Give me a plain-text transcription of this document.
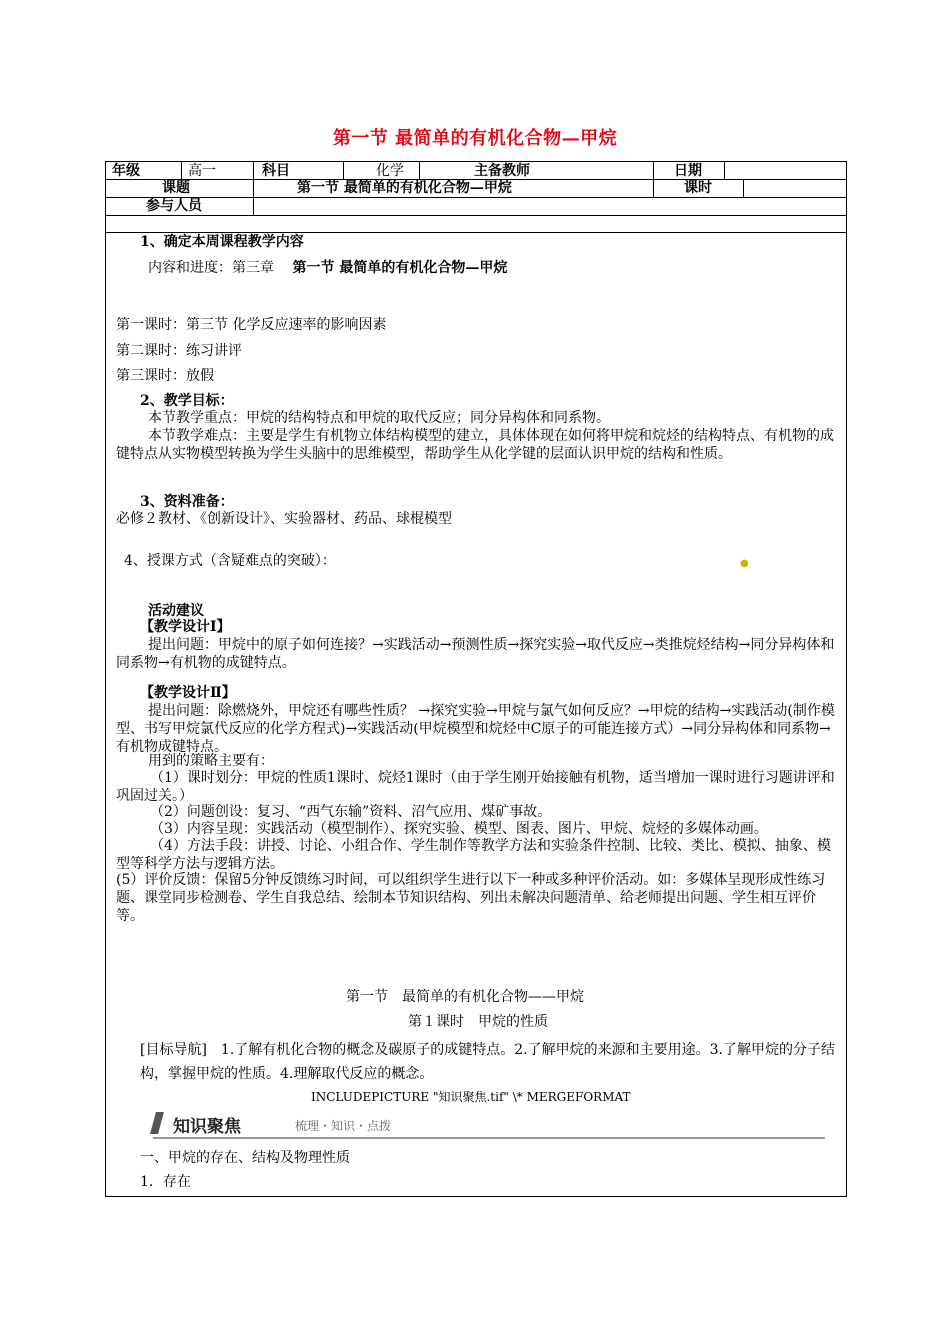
第一节 最简单的有机化合物—甲烷
年级	高一	科目	化学	主备教师	日期
课题	第一节 最简单的有机化合物—甲烷	课时
参与人员
1、确定本周课程教学内容
内容和进度：第三章 第一节 最简单的有机化合物—甲烷
第一课时：第三节 化学反应速率的影响因素
第二课时：练习讲评
第三课时：放假
2、教学目标：
本节教学重点：甲烷的结构特点和甲烷的取代反应；同分异构体和同系物。
本节教学难点：主要是学生有机物立体结构模型的建立，具体体现在如何将甲烷和烷烃的结构特点、有机物的成键特点从实物模型转换为学生头脑中的思维模型，帮助学生从化学键的层面认识甲烷的结构和性质。
3、资料准备：
必修２教材、《创新设计》、实验器材、药品、球棍模型
4、授课方式（含疑难点的突破）：	●
活动建议
【教学设计Ⅰ】
提出问题：甲烷中的原子如何连接？→实践活动→预测性质→探究实验→取代反应→类推烷烃结构→同分异构体和同系物→有机物的成键特点。
【教学设计Ⅱ】
提出问题：除燃烧外，甲烷还有哪些性质？ →探究实验→甲烷与氯气如何反应？→甲烷的结构→实践活动(制作模型、书写甲烷氯代反应的化学方程式)→实践活动(甲烷模型和烷烃中C原子的可能连接方式）→同分异构体和同系物→有机物成键特点。
用到的策略主要有：
（1）课时划分：甲烷的性质1课时、烷烃1课时（由于学生刚开始接触有机物，适当增加一课时进行习题讲评和巩固过关。）
（2）问题创设：复习、“西气东输”资料、沼气应用、煤矿事故。
（3）内容呈现：实践活动（模型制作）、探究实验、模型、图表、图片、甲烷、烷烃的多媒体动画。
（4）方法手段：讲授、讨论、小组合作、学生制作等教学方法和实验条件控制、比较、类比、模拟、抽象、模型等科学方法与逻辑方法。
(5）评价反馈：保留5分钟反馈练习时间，可以组织学生进行以下一种或多种评价活动。如：多媒体呈现形成性练习题、课堂同步检测卷、学生自我总结、绘制本节知识结构、列出未解决问题清单、给老师提出问题、学生相互评价等。
第一节　最简单的有机化合物——甲烷
第１课时　甲烷的性质
[目标导航]　1.了解有机化合物的概念及碳原子的成键特点。2.了解甲烷的来源和主要用途。3.了解甲烷的分子结构，掌握甲烷的性质。4.理解取代反应的概念。
INCLUDEPICTURE "知识聚焦.tif" \* MERGEFORMAT
知识聚焦	梳理・知识・点拨
一、甲烷的存在、结构及物理性质
1．存在
